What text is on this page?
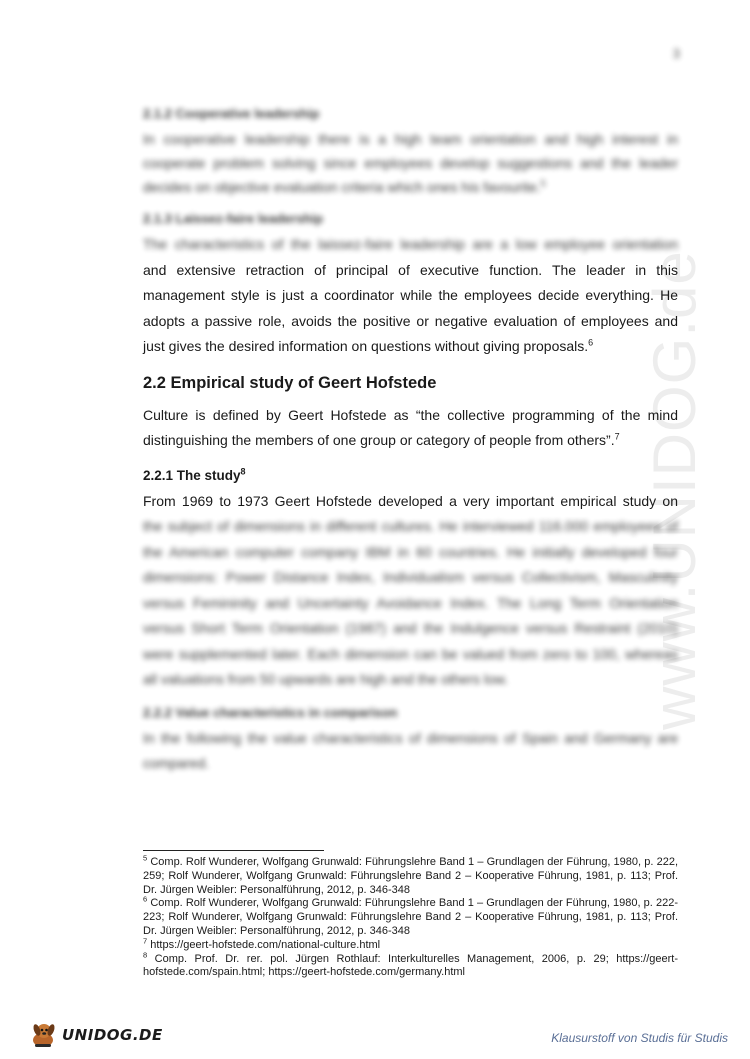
3
www.UNIDOG.de
2.1.2 Cooperative leadership

In cooperative leadership there is a high team orientation and high interest in cooperate problem solving since employees develop suggestions and the leader decides on objective evaluation criteria which ones his favourite.$^5$

2.1.3 Laissez-faire leadership

The characteristics of the laissez-faire leadership are a low employee orientation

and extensive retraction of principal of executive function. The leader in this management style is just a coordinator while the employees decide everything. He adopts a passive role, avoids the positive or negative evaluation of employees and just gives the desired information on questions without giving proposals.$^6$

2.2 Empirical study of Geert Hofstede

Culture is defined by Geert Hofstede as “the collective programming of the mind distinguishing the members of one group or category of people from others”.$^7$

2.2.1 The study$^8$

From 1969 to 1973 Geert Hofstede developed a very important empirical study on

the subject of dimensions in different cultures. He interviewed 116.000 employees of the American computer company IBM in 60 countries. He initially developed four dimensions: Power Distance Index, Individualism versus Collectivism, Masculinity versus Femininity and Uncertainty Avoidance Index. The Long Term Orientation versus Short Term Orientation (1987) and the Indulgence versus Restraint (2010) were supplemented later. Each dimension can be valued from zero to 100, whereas all valuations from 50 upwards are high and the others low.

2.2.2 Value characteristics in comparison

In the following the value characteristics of dimensions of Spain and Germany are compared.

$^5$ Comp. Rolf Wunderer, Wolfgang Grunwald: Führungslehre Band 1 – Grundlagen der Führung, 1980, p. 222, 259; Rolf Wunderer, Wolfgang Grunwald: Führungslehre Band 2 – Kooperative Führung, 1981, p. 113; Prof. Dr. Jürgen Weibler: Personalführung, 2012, p. 346-348
$^6$ Comp. Rolf Wunderer, Wolfgang Grunwald: Führungslehre Band 1 – Grundlagen der Führung, 1980, p. 222-223; Rolf Wunderer, Wolfgang Grunwald: Führungslehre Band 2 – Kooperative Führung, 1981, p. 113; Prof. Dr. Jürgen Weibler: Personalführung, 2012, p. 346-348
$^7$ https://geert-hofstede.com/national-culture.html
$^8$ Comp. Prof. Dr. rer. pol. Jürgen Rothlauf: Interkulturelles Management, 2006, p. 29; https://geert-hofstede.com/spain.html; https://geert-hofstede.com/germany.html
UNIDOG.DE	Klausurstoff von Studis für Studis
